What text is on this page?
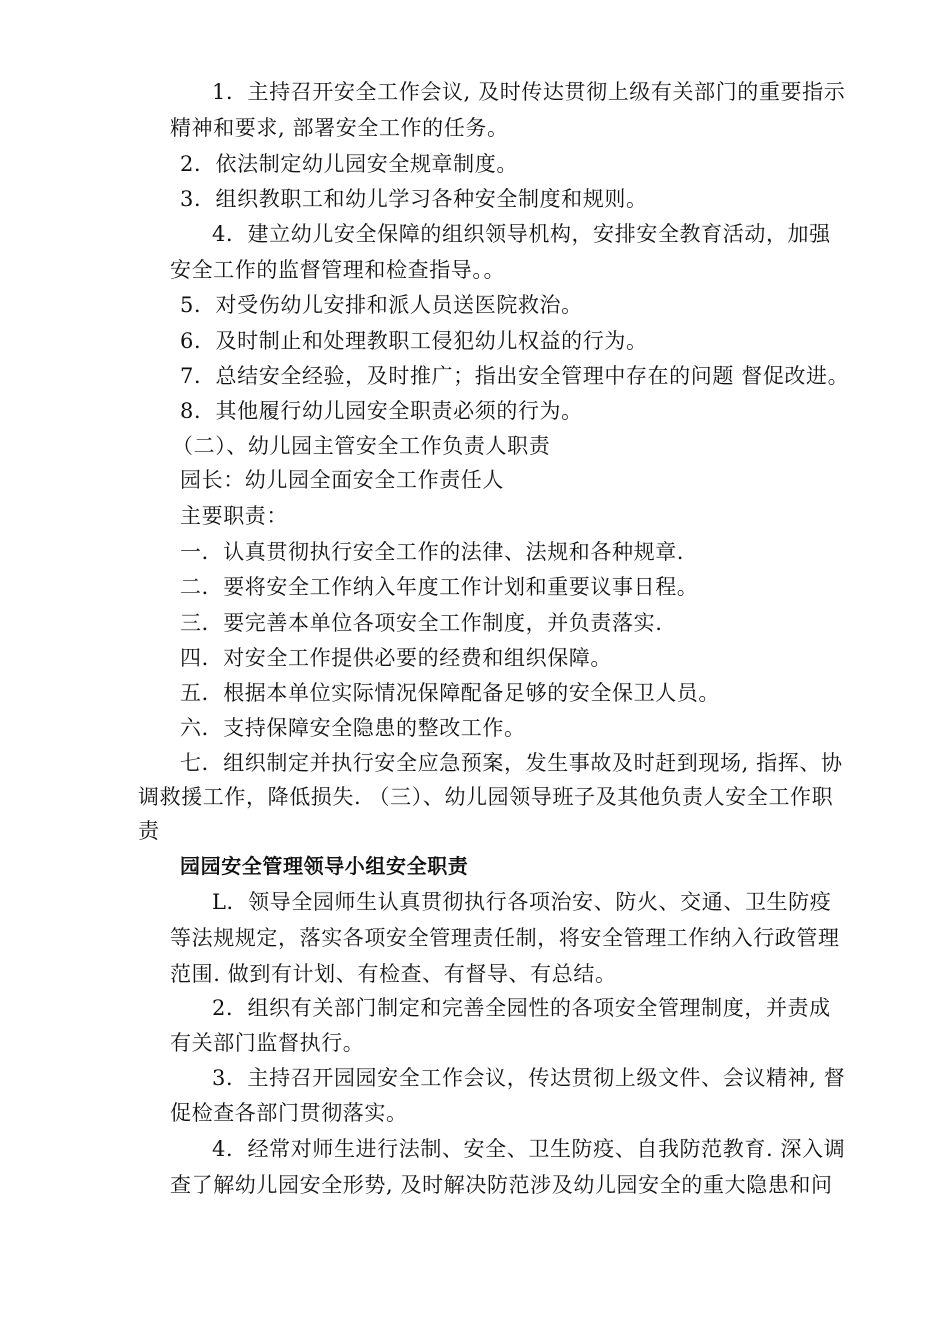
1．主持召开安全工作会议, 及时传达贯彻上级有关部门的重要指示
精神和要求, 部署安全工作的任务。
2．依法制定幼儿园安全规章制度。
3．组织教职工和幼儿学习各种安全制度和规则。
4．建立幼儿安全保障的组织领导机构，安排安全教育活动，加强
安全工作的监督管理和检查指导。。
5．对受伤幼儿安排和派人员送医院救治。
6．及时制止和处理教职工侵犯幼儿权益的行为。
7．总结安全经验，及时推广；指出安全管理中存在的问题 督促改进。
8．其他履行幼儿园安全职责必须的行为。
（二）、幼儿园主管安全工作负责人职责
园长：幼儿园全面安全工作责任人
主要职责：
一．认真贯彻执行安全工作的法律、法规和各种规章.
二．要将安全工作纳入年度工作计划和重要议事日程。
三．要完善本单位各项安全工作制度，并负责落实.
四．对安全工作提供必要的经费和组织保障。
五．根据本单位实际情况保障配备足够的安全保卫人员。
六．支持保障安全隐患的整改工作。
七．组织制定并执行安全应急预案，发生事故及时赶到现场, 指挥、协
调救援工作，降低损失. （三）、幼儿园领导班子及其他负责人安全工作职
责
园园安全管理领导小组安全职责
L．领导全园师生认真贯彻执行各项治安、防火、交通、卫生防疫
等法规规定，落实各项安全管理责任制，将安全管理工作纳入行政管理
范围. 做到有计划、有检查、有督导、有总结。
2．组织有关部门制定和完善全园性的各项安全管理制度，并责成
有关部门监督执行。
3．主持召开园园安全工作会议，传达贯彻上级文件、会议精神, 督
促检查各部门贯彻落实。
4．经常对师生进行法制、安全、卫生防疫、自我防范教育. 深入调
查了解幼儿园安全形势, 及时解决防范涉及幼儿园安全的重大隐患和问
